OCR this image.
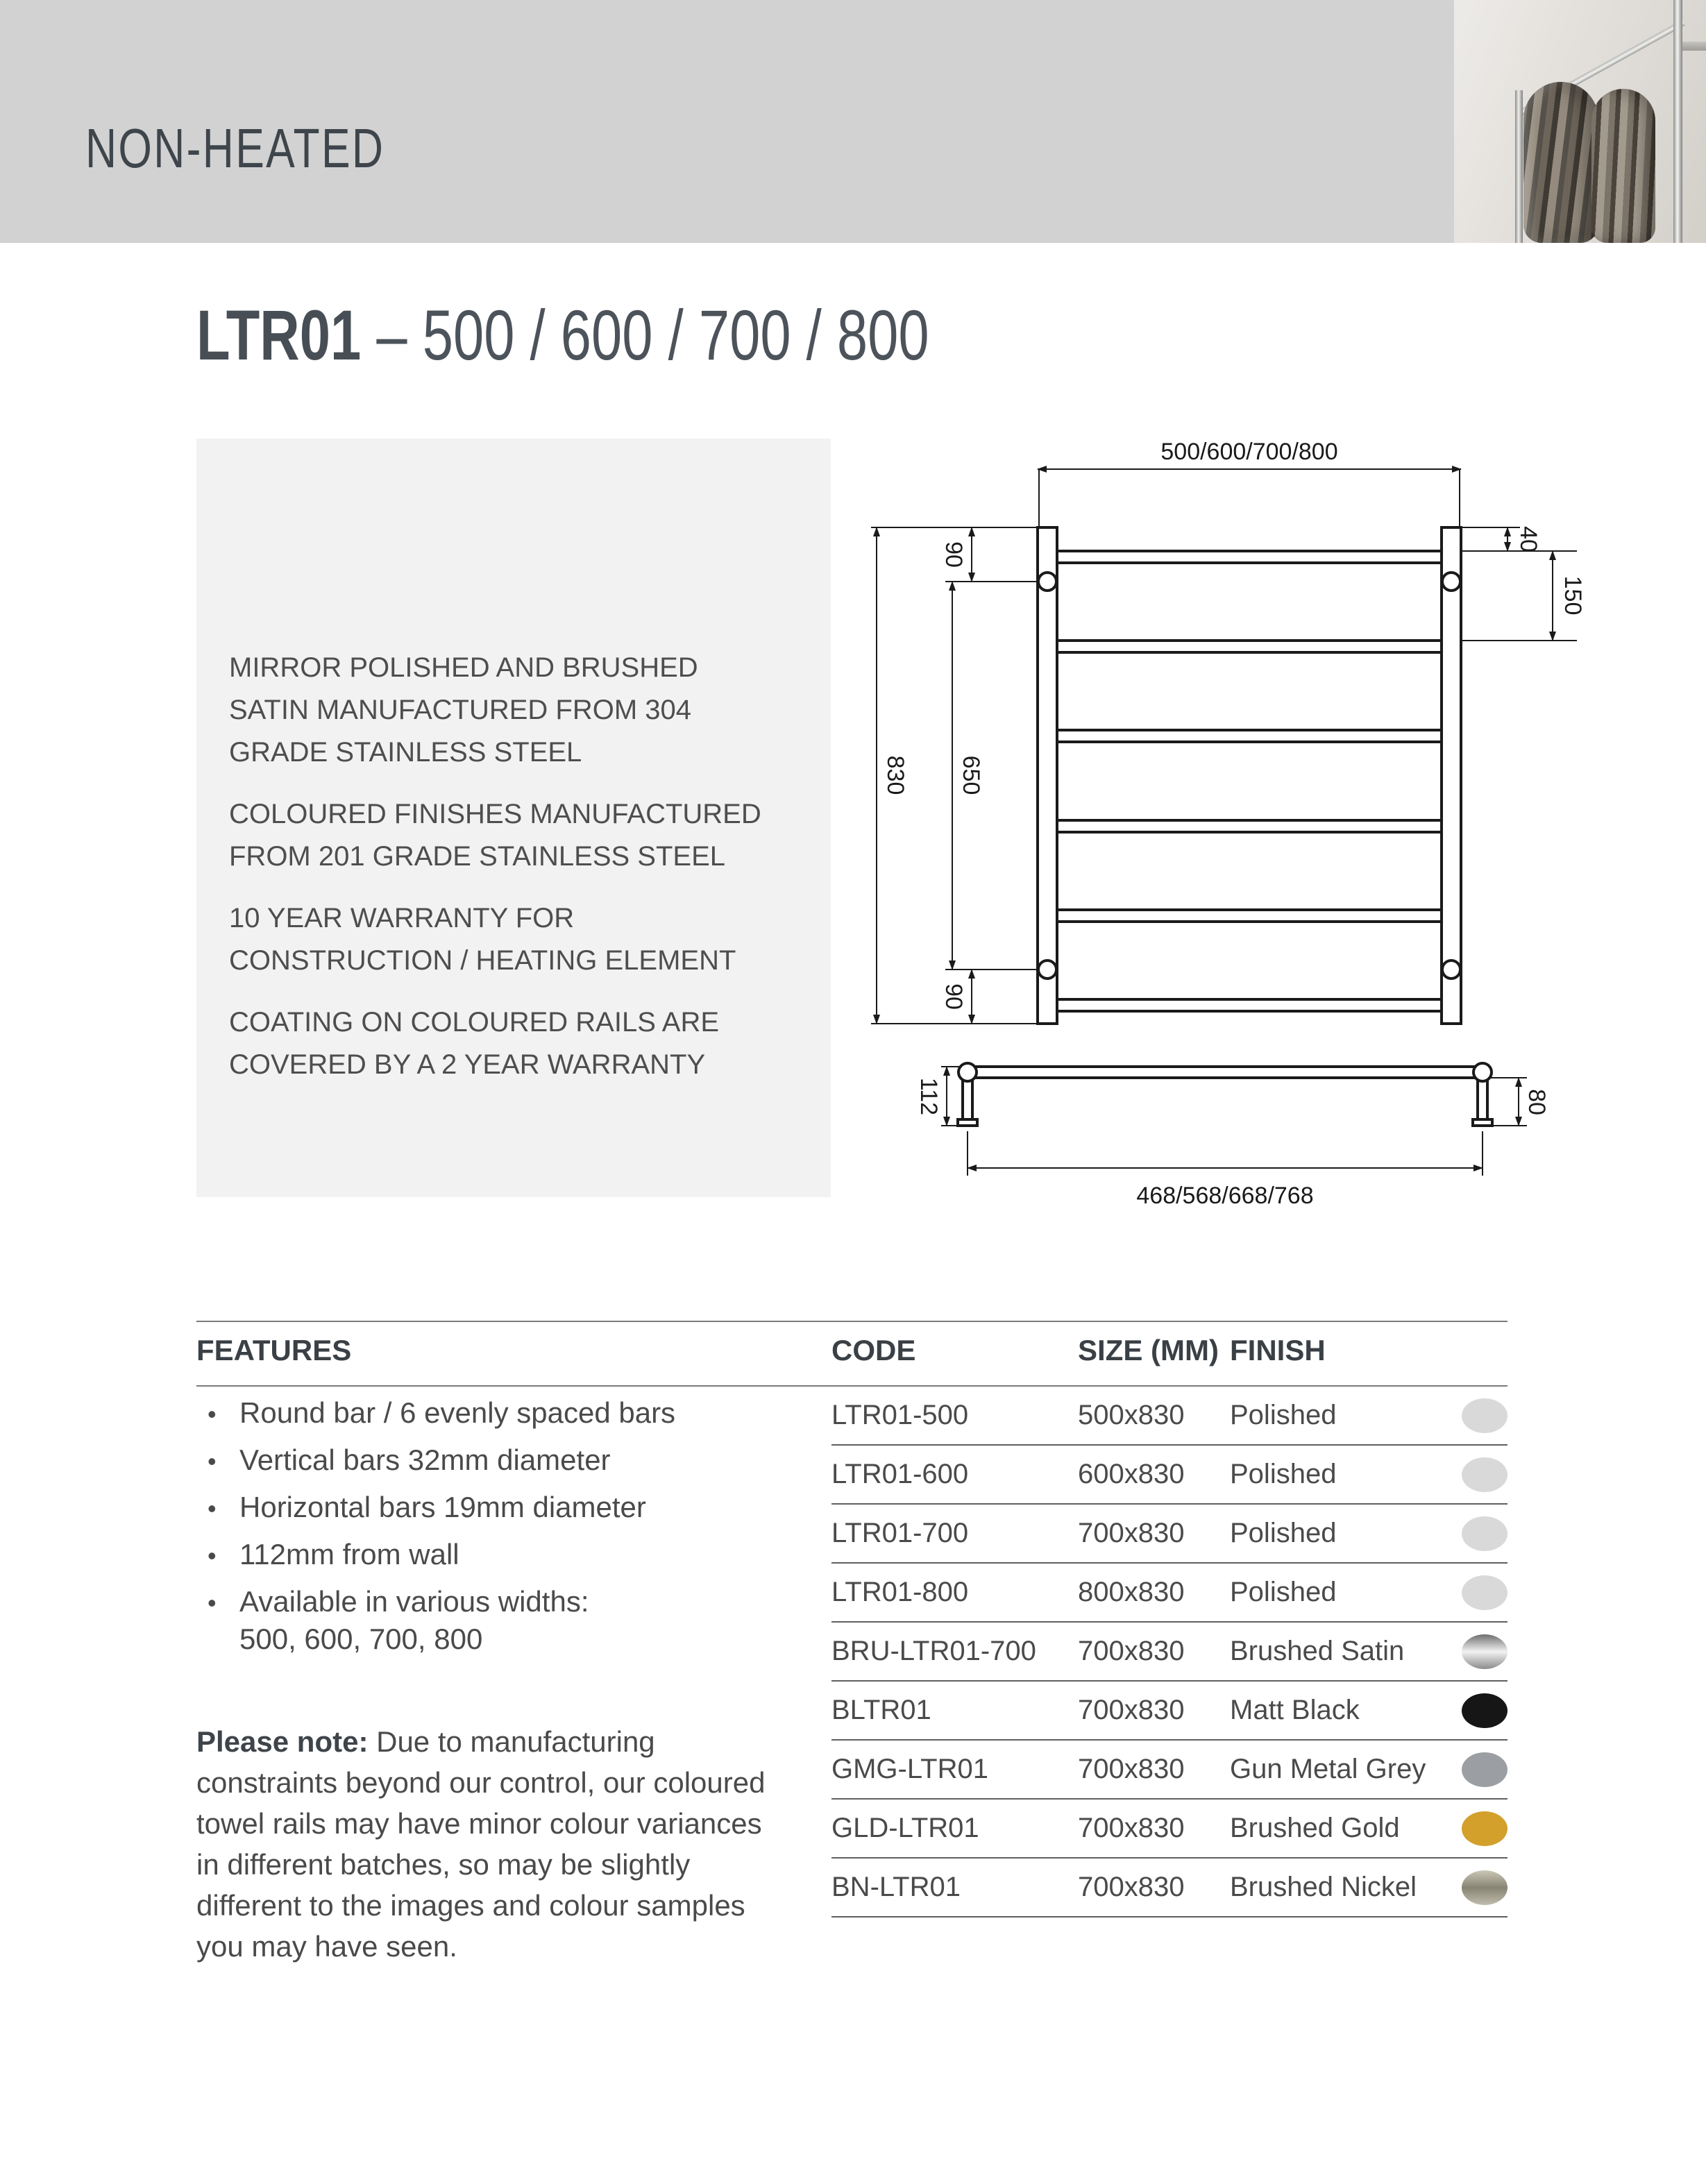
NON-HEATED
LTR01 – 500 / 600 / 700 / 800

MIRROR POLISHED AND BRUSHED SATIN MANUFACTURED FROM 304 GRADE STAINLESS STEEL

COLOURED FINISHES MANUFACTURED FROM 201 GRADE STAINLESS STEEL

10 YEAR WARRANTY FOR CONSTRUCTION / HEATING ELEMENT

COATING ON COLOURED RAILS ARE COVERED BY A 2 YEAR WARRANTY

500/600/700/800
830 650
90
90
40
150
112	80
468/568/668/768

FEATURES	CODE	SIZE (MM) FINISH

• Round bar / 6 evenly spaced bars
• Vertical bars 32mm diameter
• Horizontal bars 19mm diameter
• 112mm from wall
• Available in various widths:
500, 600, 700, 800

Please note: Due to manufacturing constraints beyond our control, our coloured towel rails may have minor colour variances in different batches, so may be slightly different to the images and colour samples you may have seen.

LTR01-500	500x830	Polished
LTR01-600	600x830	Polished
LTR01-700	700x830	Polished
LTR01-800	800x830	Polished
BRU-LTR01-700	700x830	Brushed Satin
BLTR01	700x830	Matt Black
GMG-LTR01	700x830	Gun Metal Grey
GLD-LTR01	700x830	Brushed Gold
BN-LTR01	700x830	Brushed Nickel
